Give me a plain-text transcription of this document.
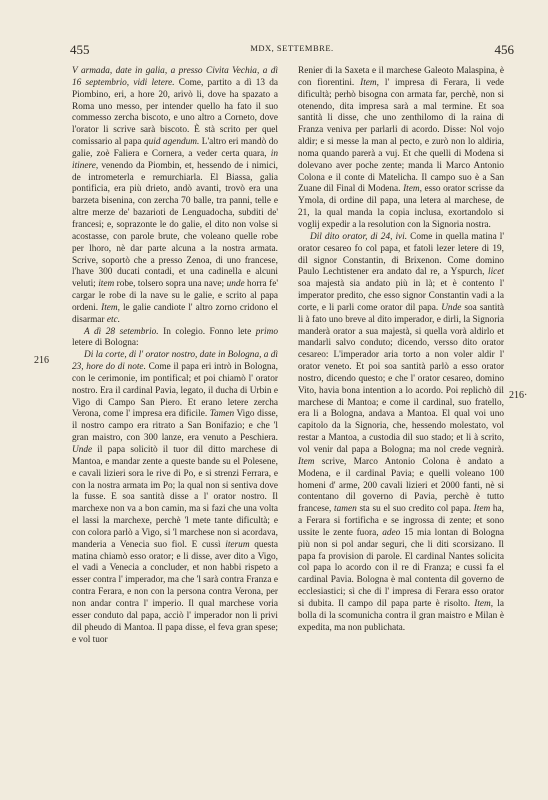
455	MDX, SETTEMBRE.	456
216
216·

V armada, date in galia, a presso Civita Vechia, a dì 16 septembrio, vidi letere. Come, partito a dì 13 da Piombino, eri, a hore 20, arivò li, dove ha spazato a Roma uno messo, per intender quello ha fato il suo commesso zercha biscoto, e uno altro a Corneto, dove l'orator li scrive sarà biscoto. È stà scrito per quel comissario al papa quid agendum. L'altro eri mandò do galie, zoè Faliera e Cornera, a veder certa quara, in itinere, venendo da Piombin, et, hessendo de i nimici, de intrometerla e remurchiarla. El Biassa, galia pontificia, era più drieto, andò avanti, trovò era una barzeta bisenina, con zercha 70 balle, tra panni, telle e altre merze de' bazarioti de Lenguadocha, subditi de' francesi; e, soprazonte le do galie, el dito non volse si acostasse, con parole brute, che voleano quelle robe per lhoro, nè dar parte alcuna a la nostra armata. Scrive, soportò che a presso Zenoa, di uno francese, l'have 300 ducati contadi, et una cadinella e alcuni veluti; item robe, tolsero sopra una nave; unde horra fe' cargar le robe di la nave su le galie, e scrito al papa ordeni. Item, le galie candiote l' altro zorno cridono el disarmar etc.

A dì 28 setembrio. In colegio. Fonno lete primo letere di Bologna:

Di la corte, di l' orator nostro, date in Bologna, a dì 23, hore do di note. Come il papa eri intrò in Bologna, con le cerimonie, im pontifical; et poi chiamò l' orator nostro. Era il cardinal Pavia, legato, il ducha di Urbin e Vigo di Campo San Piero. Et erano letere zercha Verona, come l' impresa era dificile. Tamen Vigo disse, il nostro campo era ritrato a San Bonifazio; e che 'l gran maistro, con 300 lanze, era venuto a Peschiera. Unde il papa solicitò il tuor dil ditto marchese di Mantoa, e mandar zente a queste bande su el Polesene, e cavali lizieri sora le rive di Po, e si strenzi Ferrara, e con la nostra armata im Po; la qual non si sentiva dove la fusse. E soa santità disse a l' orator nostro. Il marchexe non va a bon camin, ma si fazi che una volta el lassi la marchexe, perchè 'l mete tante dificultà; e con colora parlò a Vigo, si 'l marchese non si acordava, manderia a Venecia suo fiol. E cussì iterum questa matina chiamò esso orator; e li disse, aver dito a Vigo, el vadi a Venecia a concluder, et non habbi rispeto a esser contra l' imperador, ma che 'l sarà contra Franza e contra Ferara, e non con la persona contra Verona, per non andar contra l' imperio. Il qual marchese voria esser conduto dal papa, acciò l' imperador non li privi dil pheudo di Mantoa. Il papa disse, el feva gran spese; e vol tuor

Renier di la Saxeta e il marchese Galeoto Malaspina, è con fiorentini. Item, l' impresa di Ferara, li vede dificultà; perhò bisogna con armata far, perchè, non si otenendo, dita impresa sarà a mal termine. Et soa santità li disse, che uno zenthilomo di la raina di Franza veniva per parlarli di acordo. Disse: Nol vojo aldir; e si messe la man al pecto, e zurò non lo aldiria, noma quando parerà a vuj. Et che quelli di Modena si dolevano aver poche zente; manda li Marco Antonio Colona e il conte di Matelicha. Il campo suo è a San Zuane dil Final di Modena. Item, esso orator scrisse da Ymola, di ordine dil papa, una letera al marchese, de 21, la qual manda la copia inclusa, exortandolo si voglij expedir a la resolution con la Signoria nostra.

Dil dito orator, di 24, ivi. Come in quella matina l' orator cesareo fo col papa, et fatoli lezer letere di 19, dil signor Constantin, di Brixenon. Come domino Paulo Lechtistener era andato dal re, a Yspurch, licet soa majestà sia andato più in là; et è contento l' imperator predito, che esso signor Constantin vadi a la corte, e li parli come orator dil papa. Unde soa santità li à fato uno breve al dito imperador, e dirli, la Signoria manderà orator a sua majestà, si quella vorà aldirlo et mandarli salvo conduto; dicendo, versso dito orator cesareo: L'imperador aria torto a non voler aldir l' orator veneto. Et poi soa santità parlò a esso orator nostro, dicendo questo; e che l' orator cesareo, domino Vito, havia bona intention a lo acordo. Poi replichò dil marchese di Mantoa; e come il cardinal, suo fratello, era li a Bologna, andava a Mantoa. El qual voi uno capitolo da la Signoria, che, hessendo molestato, vol restar a Mantoa, a custodia dil suo stado; et li à scrito, vol venir dal papa a Bologna; ma nol crede vegnirà. Item scrive, Marco Antonio Colona è andato a Modena, e il cardinal Pavia; e quelli voleano 100 homeni d' arme, 200 cavali lizieri et 2000 fanti, nè si contentano dil governo di Pavia, perchè è tutto francese, tamen sta su el suo credito col papa. Item ha, a Ferara si fortificha e se ingrossa di zente; et sono ussite le zente fuora, adeo 15 mia lontan di Bologna più non si pol andar seguri, che li diti scorsizano. Il papa fa provision di parole. El cardinal Nantes solicita col papa lo acordo con il re di Franza; e cussi fa el cardinal Pavia. Bologna è mal contenta dil governo de ecclesiastici; sì che di l' impresa di Ferara esso orator si dubita. Il campo dil papa parte è risolto. Item, la bolla di la scomunicha contra il gran maistro e Milan è expedita, ma non publichata.
